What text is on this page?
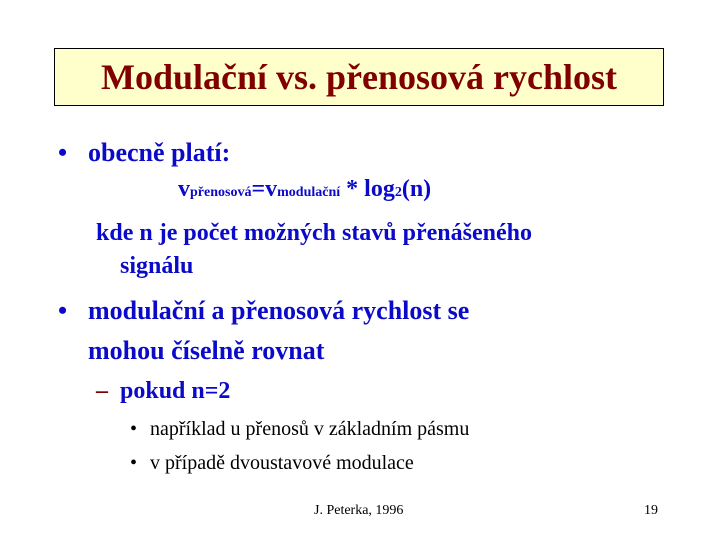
Modulační vs. přenosová rychlost
• obecně platí:
vpřenosová=vmodulační * log2(n)
kde n je počet možných stavů přenášeného
signálu
• modulační a přenosová rychlost se
mohou číselně rovnat
– pokud n=2
• například u přenosů v základním pásmu
• v případě dvoustavové modulace
J. Peterka, 1996	19
